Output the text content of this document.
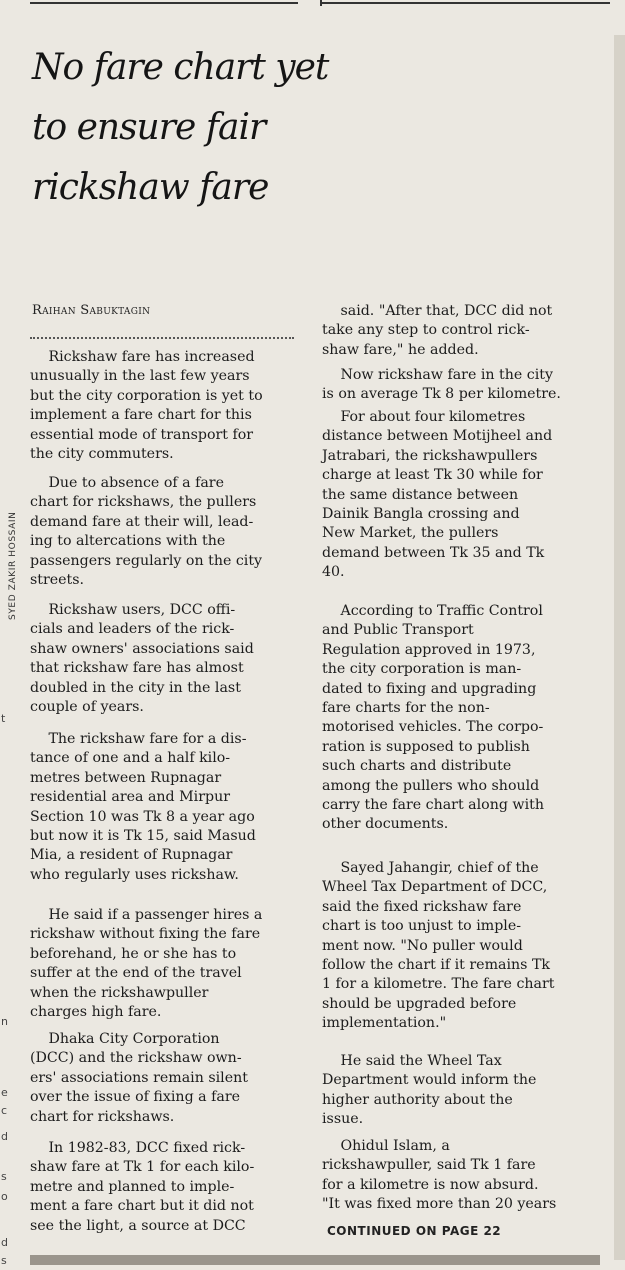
t
n
e
c
d
s
o
d
s
No fare chart yet
to ensure fair
rickshaw fare
Raihan Sabuktagin
SYED ZAKIR HOSSAIN

Rickshaw fare has increased
unusually in the last few years
but the city corporation is yet to
implement a fare chart for this
essential mode of transport for
the city commuters.

Due to absence of a fare
chart for rickshaws, the pullers
demand fare at their will, lead-
ing to altercations with the
passengers regularly on the city
streets.

Rickshaw users, DCC offi-
cials and leaders of the rick-
shaw owners' associations said
that rickshaw fare has almost
doubled in the city in the last
couple of years.

The rickshaw fare for a dis-
tance of one and a half kilo-
metres between Rupnagar
residential area and Mirpur
Section 10 was Tk 8 a year ago
but now it is Tk 15, said Masud
Mia, a resident of Rupnagar
who regularly uses rickshaw.

He said if a passenger hires a
rickshaw without fixing the fare
beforehand, he or she has to
suffer at the end of the travel
when the rickshawpuller
charges high fare.

Dhaka City Corporation
(DCC) and the rickshaw own-
ers' associations remain silent
over the issue of fixing a fare
chart for rickshaws.

In 1982-83, DCC fixed rick-
shaw fare at Tk 1 for each kilo-
metre and planned to imple-
ment a fare chart but it did not
see the light, a source at DCC

said. "After that, DCC did not
take any step to control rick-
shaw fare," he added.

Now rickshaw fare in the city
is on average Tk 8 per kilometre.

For about four kilometres
distance between Motijheel and
Jatrabari, the rickshawpullers
charge at least Tk 30 while for
the same distance between
Dainik Bangla crossing and
New Market, the pullers
demand between Tk 35 and Tk
40.

According to Traffic Control
and Public Transport
Regulation approved in 1973,
the city corporation is man-
dated to fixing and upgrading
fare charts for the non-
motorised vehicles. The corpo-
ration is supposed to publish
such charts and distribute
among the pullers who should
carry the fare chart along with
other documents.

Sayed Jahangir, chief of the
Wheel Tax Department of DCC,
said the fixed rickshaw fare
chart is too unjust to imple-
ment now. "No puller would
follow the chart if it remains Tk
1 for a kilometre. The fare chart
should be upgraded before
implementation."

He said the Wheel Tax
Department would inform the
higher authority about the
issue.

Ohidul Islam, a
rickshawpuller, said Tk 1 fare
for a kilometre is now absurd.
"It was fixed more than 20 years

CONTINUED ON PAGE 22
